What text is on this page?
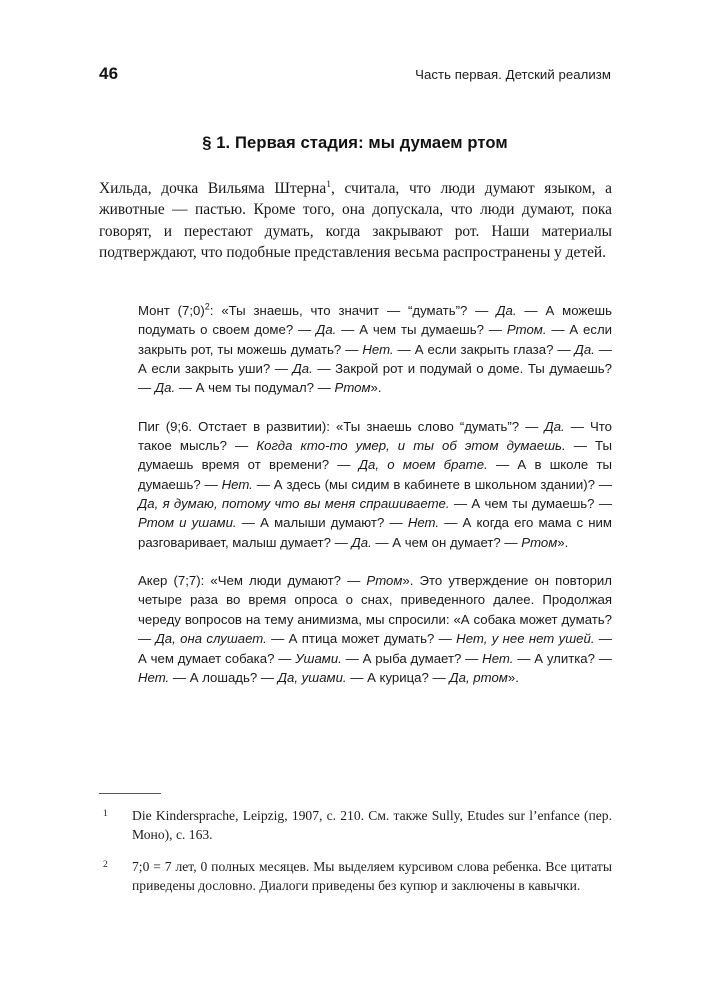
46	Часть первая. Детский реализм
§ 1. Первая стадия: мы думаем ртом

Хильда, дочка Вильяма Штерна$^1$, считала, что люди думают языком, а животные — пастью. Кроме того, она допускала, что люди думают, пока говорят, и перестают думать, когда закрывают рот. Наши материалы подтверждают, что подобные представления весьма распространены у детей.

Монт (7;0)$^2$: «Ты знаешь, что значит — “думать”? — Да. — А можешь подумать о своем доме? — Да. — А чем ты думаешь? — Ртом. — А если закрыть рот, ты можешь думать? — Нет. — А если закрыть глаза? — Да. — А если закрыть уши? — Да. — Закрой рот и подумай о доме. Ты думаешь? — Да. — А чем ты подумал? — Ртом».

Пиг (9;6. Отстает в развитии): «Ты знаешь слово “думать”? — Да. — Что такое мысль? — Когда кто-то умер, и ты об этом думаешь. — Ты думаешь время от времени? — Да, о моем брате. — А в школе ты думаешь? — Нет. — А здесь (мы сидим в кабинете в школьном здании)? — Да, я думаю, потому что вы меня спрашиваете. — А чем ты думаешь? — Ртом и ушами. — А малыши думают? — Нет. — А когда его мама с ним разговаривает, малыш думает? — Да. — А чем он думает? — Ртом».

Акер (7;7): «Чем люди думают? — Ртом». Это утверждение он повторил четыре раза во время опроса о снах, приведенного далее. Продолжая череду вопросов на тему анимизма, мы спросили: «А собака может думать? — Да, она слушает. — А птица может думать? — Нет, у нее нет ушей. — А чем думает собака? — Ушами. — А рыба думает? — Нет. — А улитка? — Нет. — А лошадь? — Да, ушами. — А курица? — Да, ртом».

1 Die Kindersprache, Leipzig, 1907, с. 210. См. также Sully, Etudes sur l’enfance (пер. Моно), с. 163.

2 7;0 = 7 лет, 0 полных месяцев. Мы выделяем курсивом слова ребенка. Все цитаты приведены дословно. Диалоги приведены без купюр и заключены в кавычки.
